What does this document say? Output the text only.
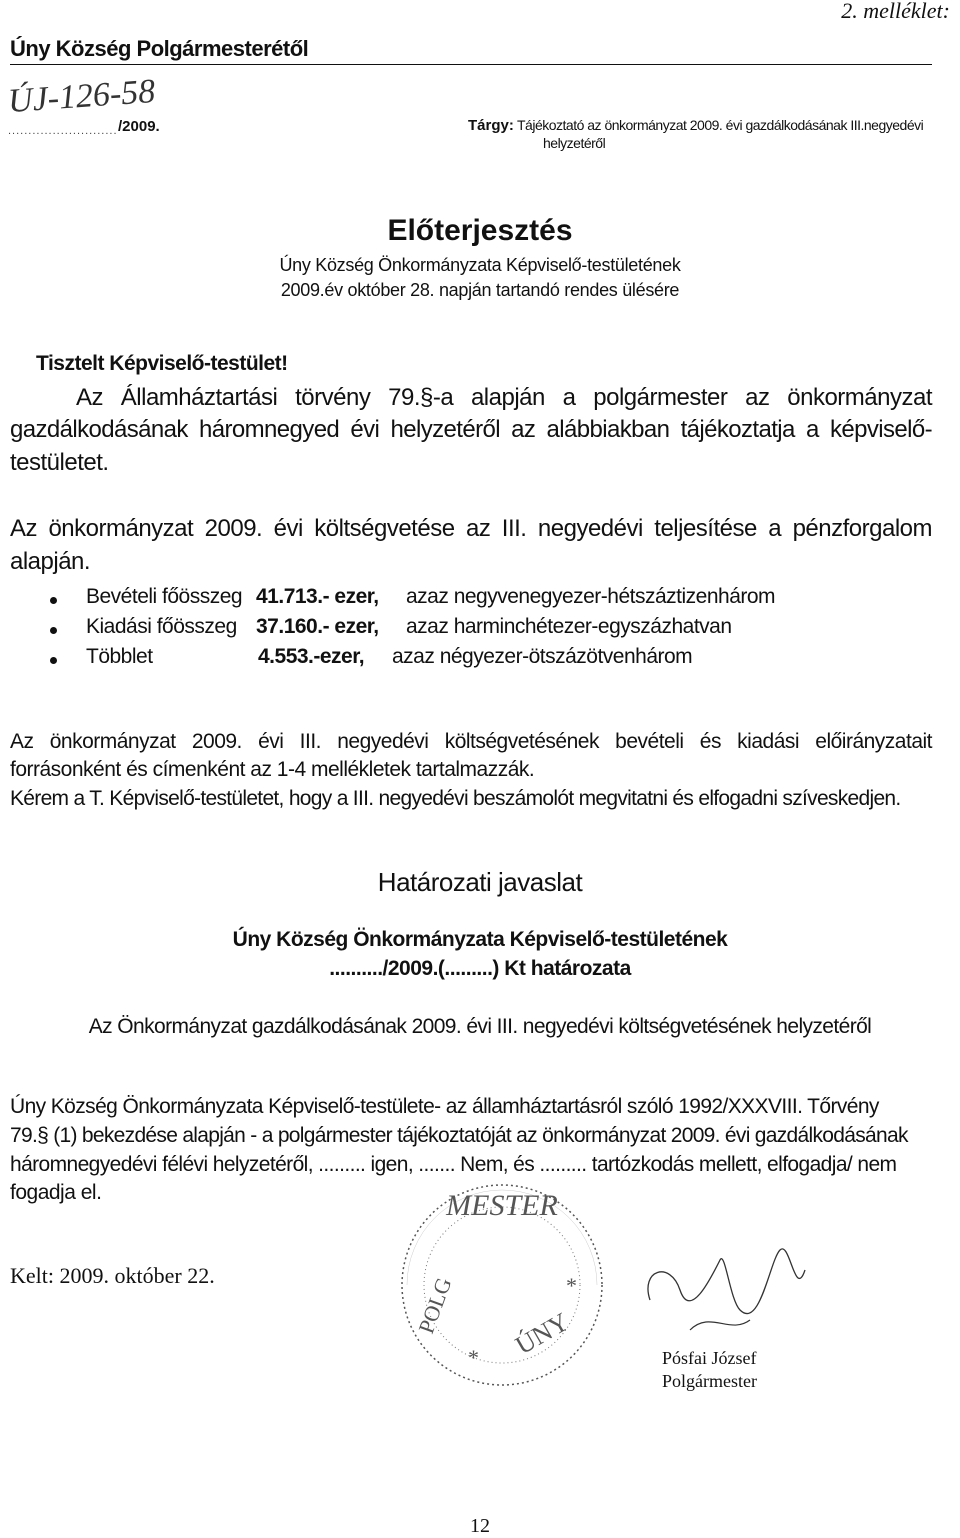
2. melléklet:
Úny Község Polgármesterétől
ÚJ-126-58
........................... /2009.	Tárgy: Tájékoztató az önkormányzat 2009. évi gazdálkodásának III.negyedévi
helyzetéről
Előterjesztés
Úny Község Önkormányzata Képviselő-testületének
2009.év október 28. napján tartandó rendes ülésére
Tisztelt Képviselő-testület!
Az Államháztartási törvény 79.§-a alapján a polgármester az önkormányzat
gazdálkodásának háromnegyed évi helyzetéről az alábbiakban tájékoztatja a képviselő-
testületet.
Az önkormányzat 2009. évi költségvetése az III. negyedévi teljesítése a pénzforgalom
alapján.
Bevételi főösszeg 41.713.- ezer, azaz negyvenegyezer-hétszáztizenhárom
Kiadási főösszeg 37.160.- ezer, azaz harminchétezer-egyszázhatvan
Többlet	4.553.-ezer, azaz négyezer-ötszázötvenhárom
Az önkormányzat 2009. évi III. negyedévi költségvetésének bevételi és kiadási előirányzatait
forrásonként és címenként az 1-4 mellékletek tartalmazzák.
Kérem a T. Képviselő-testületet, hogy a III. negyedévi beszámolót megvitatni és elfogadni szíveskedjen.
Határozati javaslat
Úny Község Önkormányzata Képviselő-testületének
........../2009.(.........) Kt határozata
Az Önkormányzat gazdálkodásának 2009. évi III. negyedévi költségvetésének helyzetéről
Úny Község Önkormányzata Képviselő-testülete- az államháztartásról szóló 1992/XXXVIII. Tőrvény
79.§ (1) bekezdése alapján - a polgármester tájékoztatóját az önkormányzat 2009. évi gazdálkodásának
háromnegyedévi félévi helyzetéről, ......... igen, ....... Nem, és ......... tartózkodás mellett, elfogadja/ nem
fogadja el.
Kelt: 2009. október 22.
MESTER
POLG ÚNY
*
*
Pósfai József
Polgármester
12
